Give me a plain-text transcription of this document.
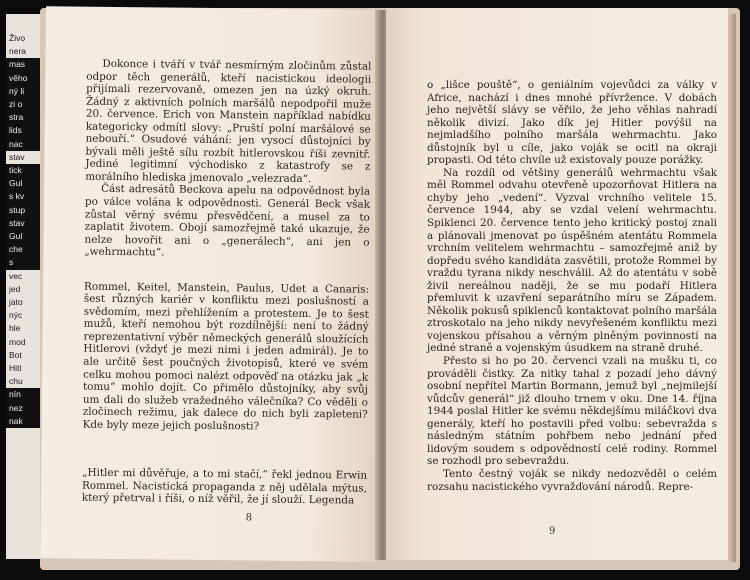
Živo
nera
mas
věho
ný li
zi o
stra
lids
nac
stav
tick
Gul
s kv
stup
stav
Gul
che
s
vec
jed
jato
nýc
hle
mod
Bot
Hitl
chu
nín
nez
nak

Dokonce i tváří v tvář nesmírným zločinům zůstal odpor těch generálů, kteří nacistickou ideologii přijímali rezervovaně, omezen jen na úzký okruh. Žádný z aktivních polních maršálů nepodpořil muže 20. července. Erich von Manstein například nabídku kategoricky odmítl slovy: „Pruští polní maršálové se nebouří.“ Osudové váhání: jen vysocí důstojníci by bývali měli ještě sílu rozbít hitlerovskou říši zevnitř. Jediné legitimní východisko z katastrofy se z morálního hlediska jmenovalo „velezrada“.

Část adresátů Beckova apelu na odpovědnost byla po válce volána k odpovědnosti. Generál Beck však zůstal věrný svému přesvědčení, a musel za to zaplatit životem. Obojí samozřejmě také ukazuje, že nelze hovořit ani o „generálech“, ani jen o „wehrmachtu“.

Rommel, Keitel, Manstein, Paulus, Udet a Canaris: šest různých kariér v konfliktu mezi poslušností a svědomím, mezi přehlížením a protestem. Je to šest mužů, kteří nemohou být rozdílnější: není to žádný reprezentativní výběr německých generálů sloužících Hitlerovi (vždyť je mezi nimi i jeden admirál). Je to ale určitě šest poučných životopisů, které ve svém celku mohou pomoci nalézt odpověď na otázku jak „k tomu“ mohlo dojít. Co přimělo důstojníky, aby svůj um dali do služeb vražedného válečníka? Co věděli o zločinech režimu, jak dalece do nich byli zapleteni? Kde byly meze jejich poslušnosti?

„Hitler mi důvěřuje, a to mi stačí,“ řekl jednou Erwin Rommel. Nacistická propaganda z něj udělala mýtus, který přetrval i říši, o níž věřil, že jí slouží. Legenda

8

o „lišce pouště“, o geniálním vojevůdci za války v Africe, nachází i dnes mnohé přívržence. V dobách jeho největší slávy se věřilo, že jeho věhlas nahradí několik divizí. Jako dík jej Hitler povýšil na nejmladšího polního maršála wehrmachtu. Jako důstojník byl u cíle, jako voják se ocitl na okraji propasti. Od této chvíle už existovaly pouze porážky.

Na rozdíl od většiny generálů wehrmachtu však měl Rommel odvahu otevřeně upozorňovat Hitlera na chyby jeho „vedení“. Vyzval vrchního velitele 15. července 1944, aby se vzdal velení wehrmachtu. Spiklenci 20. července tento jeho kritický postoj znali a plánovali jmenovat po úspěšném atentátu Rommela vrchním velitelem wehrmachtu – samozřejmě aniž by dopředu svého kandidáta zasvětili, protože Rommel by vraždu tyrana nikdy neschválil. Až do atentátu v sobě živil nereálnou naději, že se mu podaří Hitlera přemluvit k uzavření separátního míru se Západem. Několik pokusů spiklenců kontaktovat polního maršála ztroskotalo na jeho nikdy nevyřešeném konfliktu mezi vojenskou přísahou a věrným plněným povinností na jedné straně a vojenským úsudkem na straně druhé.

Přesto si ho po 20. červenci vzali na mušku ti, co prováděli čistky. Za nitky tahal z pozadí jeho dávný osobní nepřítel Martin Bormann, jemuž byl „nejmilejší vůdcův generál“ již dlouho trnem v oku. Dne 14. října 1944 poslal Hitler ke svému někdejšímu miláčkovi dva generály, kteří ho postavili před volbu: sebevražda s následným státním pohřbem nebo jednání před lidovým soudem s odpovědností celé rodiny. Rommel se rozhodl pro sebevraždu.

Tento čestný voják se nikdy nedozvěděl o celém rozsahu nacistického vyvražďování národů. Repre-

9
